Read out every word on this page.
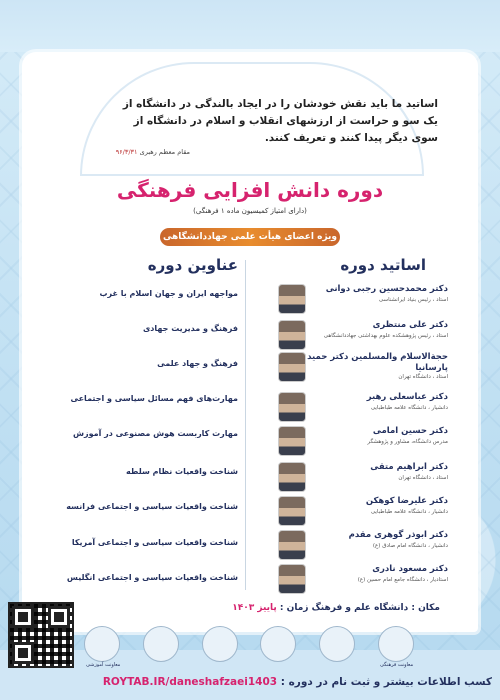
اساتید ما باید نقش خودشان را در ایجاد بالندگی در دانشگاه از یک سو و حراست از ارزشهای انقلاب و اسلام در دانشگاه از سوی دیگر پیدا کنند و تعریف کنند.
مقام معظم رهبری ۹۶/۳/۳۱
دوره دانش افزایی فرهنگی
(دارای امتیاز کمیسیون ماده ۱ فرهنگی)
ویژه اعضای هیأت علمی جهاددانشگاهی
اساتید دوره
عناوین دوره
دکتر محمدحسین رجبی دوانی
استاد ، رئیس بنیاد ایرانشناسی
دکتر علی منتظری
استاد ، رئیس پژوهشکده علوم بهداشتی جهاددانشگاهی
حجةالاسلام والمسلمین دکتر حمید پارسانیا
استاد ، دانشگاه تهران
دکتر عباسعلی رهبر
دانشیار ، دانشگاه علامه طباطبایی
دکتر حسین امامی
مدرس دانشگاه، مشاور و پژوهشگر
دکتر ابراهیم متقی
استاد ، دانشگاه تهران
دکتر علیرضا کوهکن
دانشیار ، دانشگاه علامه طباطبایی
دکتر ابوذر گوهری مقدم
دانشیار ، دانشگاه امام صادق (ع)
دکتر مسعود نادری
استادیار ، دانشگاه جامع امام حسین (ع)
مواجهه ایران و جهان اسلام با غرب
فرهنگ و مدیریت جهادی
فرهنگ و جهاد علمی
مهارت‌های فهم مسائل سیاسی و اجتماعی
مهارت کاربست هوش مصنوعی در آموزش
شناخت واقعیات نظام سلطه
شناخت واقعیات سیاسی و اجتماعی فرانسه
شناخت واقعیات سیاسی و اجتماعی آمریکا
شناخت واقعیات سیاسی و اجتماعی انگلیس
مکان : دانشگاه علم و فرهنگ زمان : پاییز ۱۴۰۳
معاونت آموزشی	معاونت فرهنگی
کسب اطلاعات بیشتر و ثبت نام در دوره : ROYTAB.IR/daneshafzaei1403
